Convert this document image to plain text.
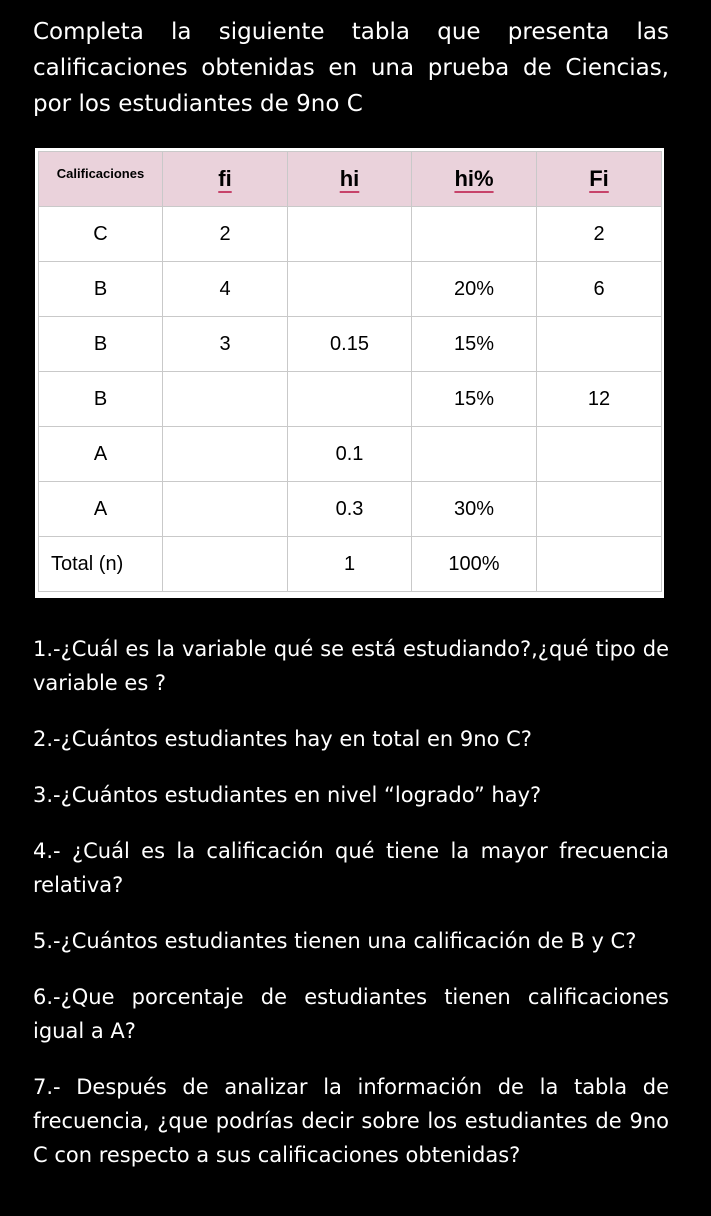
Completa la siguiente tabla que presenta las calificaciones obtenidas en una prueba de Ciencias, por los estudiantes de 9no C

Calificaciones	fi	hi	hi%	Fi
C	2			2
B	4		20%	6
B	3	0.15	15%	
B			15%	12
A		0.1		
A		0.3	30%	
Total (n)		1	100%	

1.-¿Cuál es la variable qué se está estudiando?,¿qué tipo de variable es ?

2.-¿Cuántos estudiantes hay en total en 9no C?

3.-¿Cuántos estudiantes en nivel “logrado” hay?

4.- ¿Cuál es la calificación qué tiene la mayor frecuencia relativa?

5.-¿Cuántos estudiantes tienen una calificación de B y C?

6.-¿Que porcentaje de estudiantes tienen calificaciones igual a A?

7.- Después de analizar la información de la tabla de frecuencia, ¿que podrías decir sobre los estudiantes de 9no C con respecto a sus calificaciones obtenidas?
